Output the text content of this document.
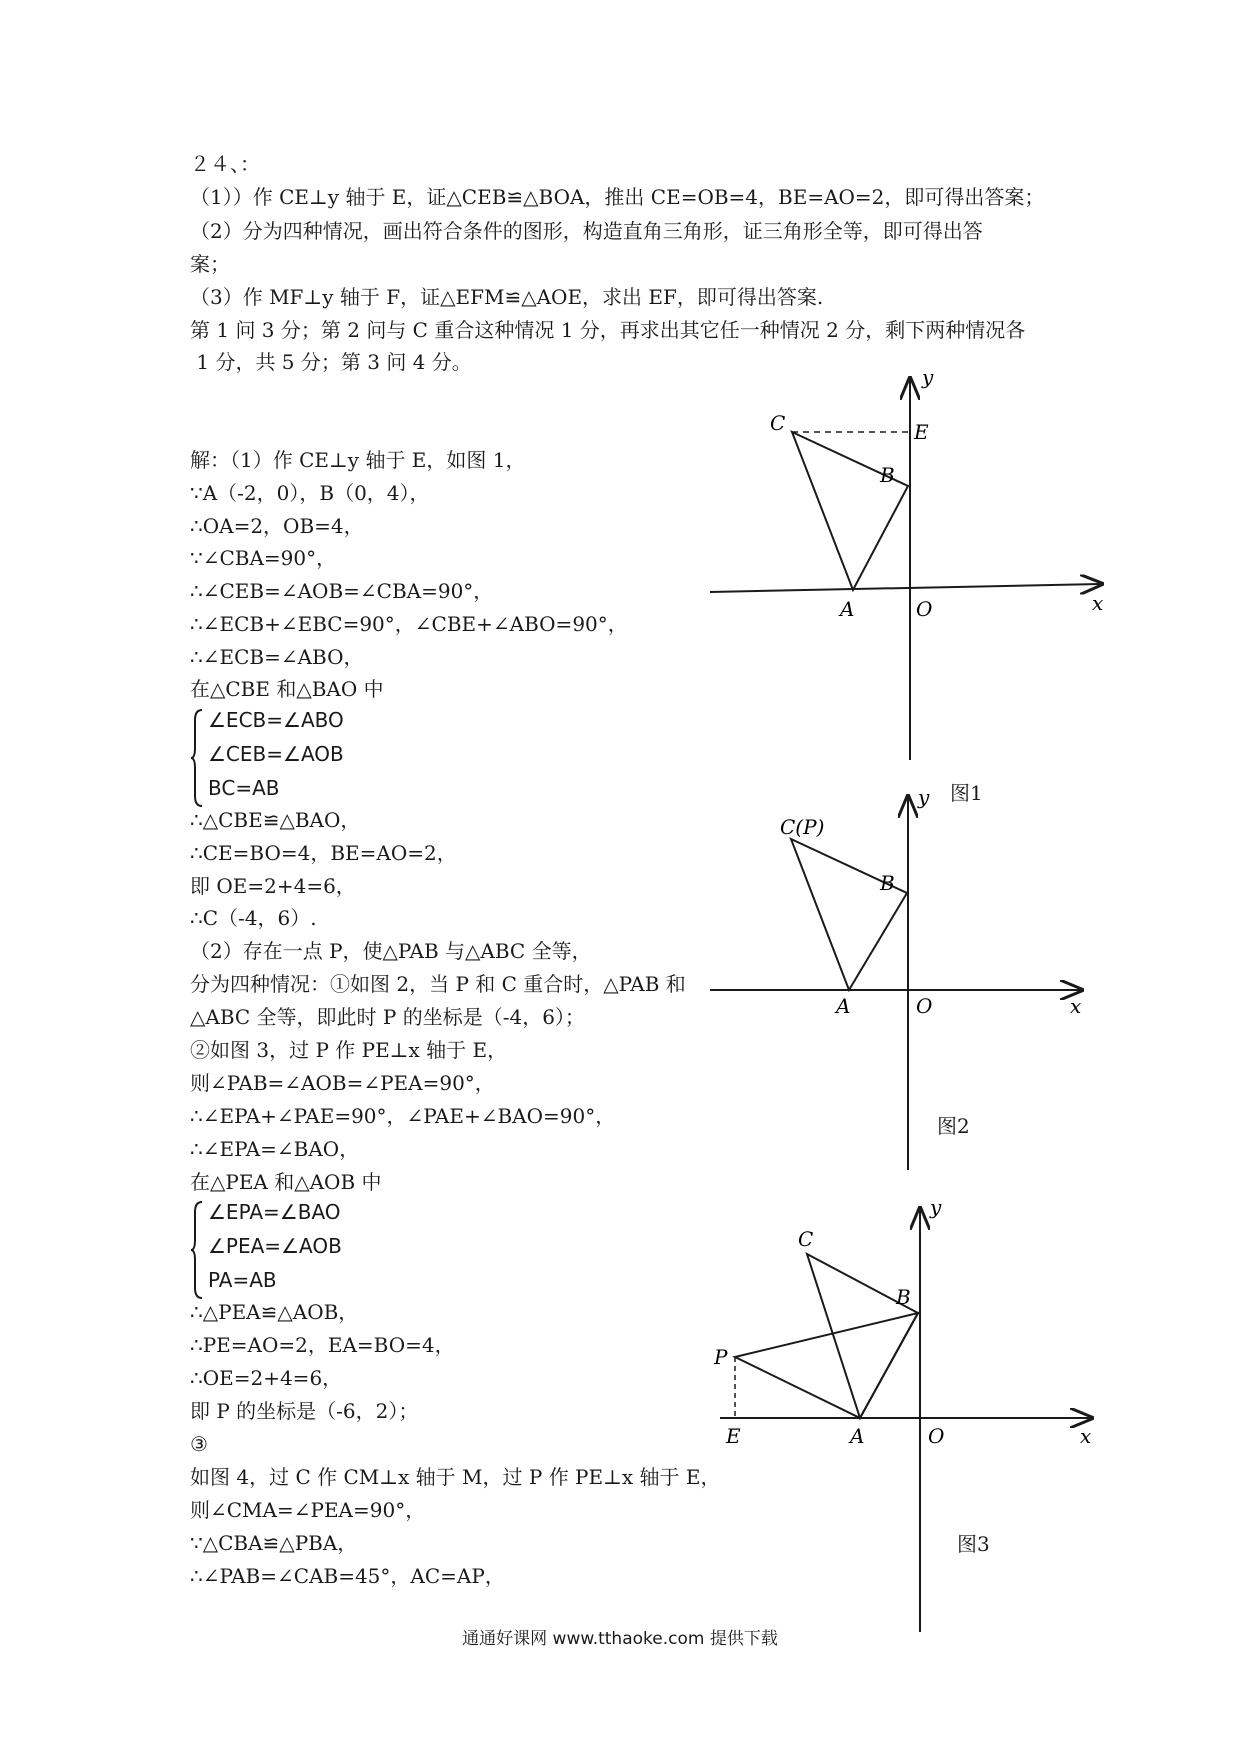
２４、：
（1））作 CE⊥y 轴于 E，证△CEB≌△BOA，推出 CE=OB=4，BE=AO=2，即可得出答案；
（2）分为四种情况，画出符合条件的图形，构造直角三角形，证三角形全等，即可得出答
案；
（3）作 MF⊥y 轴于 F，证△EFM≌△AOE，求出 EF，即可得出答案.
第 1 问 3 分；第 2 问与 C 重合这种情况 1 分，再求出其它任一种情况 2 分，剩下两种情况各
1 分，共 5 分；第 3 问 4 分。
解：（1）作 CE⊥y 轴于 E，如图 1，
∵A（-2，0），B（0，4），
∴OA=2，OB=4，
∵∠CBA=90°，
∴∠CEB=∠AOB=∠CBA=90°，
∴∠ECB+∠EBC=90°，∠CBE+∠ABO=90°，
∴∠ECB=∠ABO，
在△CBE 和△BAO 中
∠ECB=∠ABO
∠CEB=∠AOB
BC=AB
∴△CBE≌△BAO，
∴CE=BO=4，BE=AO=2，
即 OE=2+4=6，
∴C（-4，6）.
（2）存在一点 P，使△PAB 与△ABC 全等，
分为四种情况：①如图 2，当 P 和 C 重合时，△PAB 和
△ABC 全等，即此时 P 的坐标是（-4，6）；
②如图 3，过 P 作 PE⊥x 轴于 E，
则∠PAB=∠AOB=∠PEA=90°，
∴∠EPA+∠PAE=90°，∠PAE+∠BAO=90°，
∴∠EPA=∠BAO，
在△PEA 和△AOB 中
∠EPA=∠BAO
∠PEA=∠AOB
PA=AB
∴△PEA≌△AOB，
∴PE=AO=2，EA=BO=4，
∴OE=2+4=6，
即 P 的坐标是（-6，2）；
③
如图 4，过 C 作 CM⊥x 轴于 M，过 P 作 PE⊥x 轴于 E，
则∠CMA=∠PEA=90°，
∵△CBA≌△PBA，
∴∠PAB=∠CAB=45°，AC=AP，
C	E
B
A	O	x
y
图1
C(P)
B
A	O	x
y
图2
C
B
P
E	A	O	x
y
图3
通通好课网 www.tthaoke.com 提供下载
